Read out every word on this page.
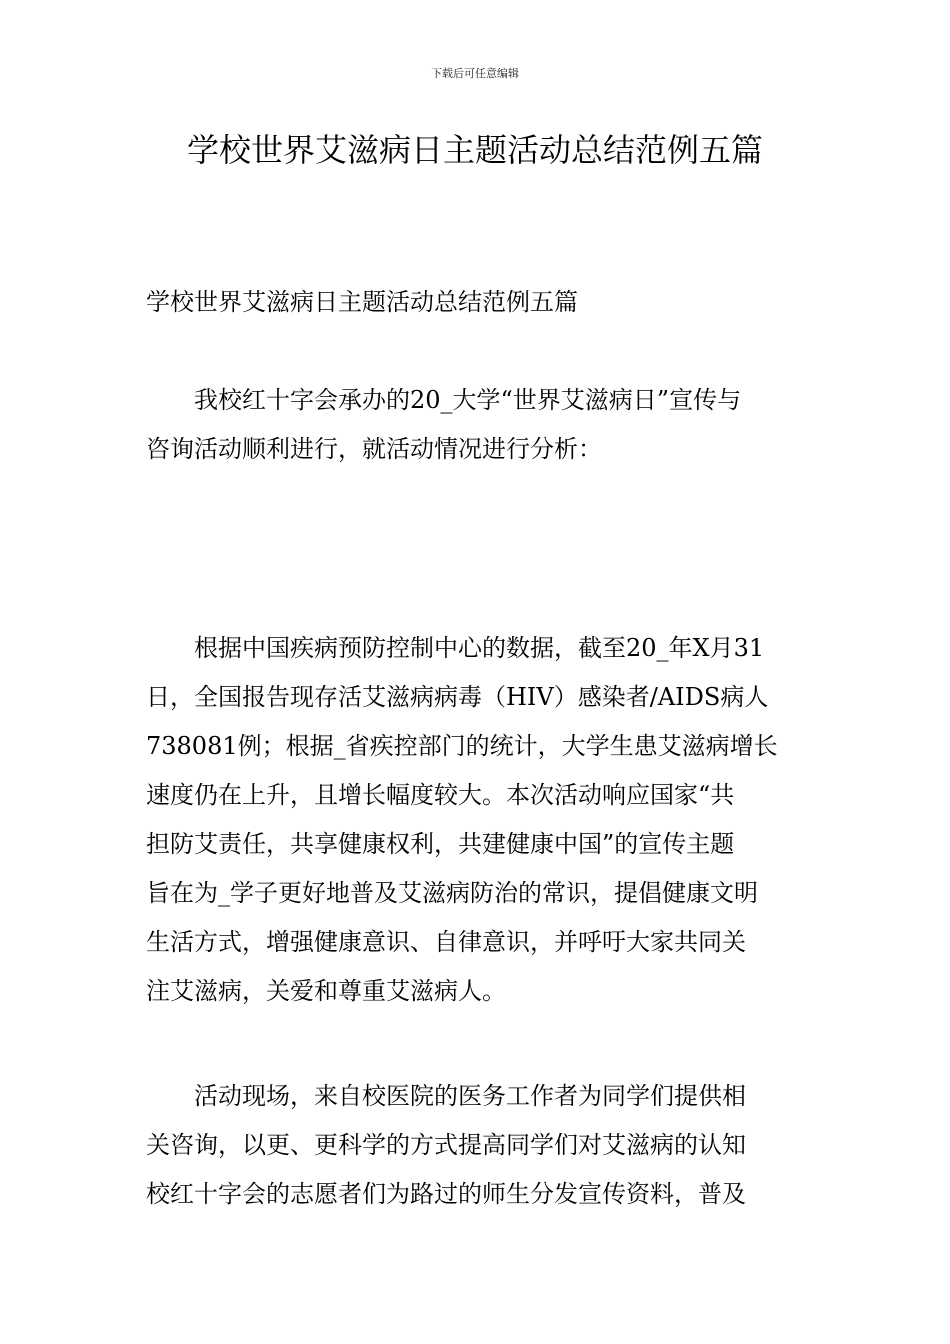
下载后可任意编辑
学校世界艾滋病日主题活动总结范例五篇

学校世界艾滋病日主题活动总结范例五篇

　　我校红十字会承办的20_大学“世界艾滋病日”宣传与
咨询活动顺利进行，就活动情况进行分析：
　　根据中国疾病预防控制中心的数据，截至20_年X月31
日，全国报告现存活艾滋病病毒（HIV）感染者/AIDS病人
738081例；根据_省疾控部门的统计，大学生患艾滋病增长
速度仍在上升，且增长幅度较大。本次活动响应国家“共
担防艾责任，共享健康权利，共建健康中国”的宣传主题
旨在为_学子更好地普及艾滋病防治的常识，提倡健康文明
生活方式，增强健康意识、自律意识，并呼吁大家共同关
注艾滋病，关爱和尊重艾滋病人。
　　活动现场，来自校医院的医务工作者为同学们提供相
关咨询，以更、更科学的方式提高同学们对艾滋病的认知
校红十字会的志愿者们为路过的师生分发宣传资料，普及
